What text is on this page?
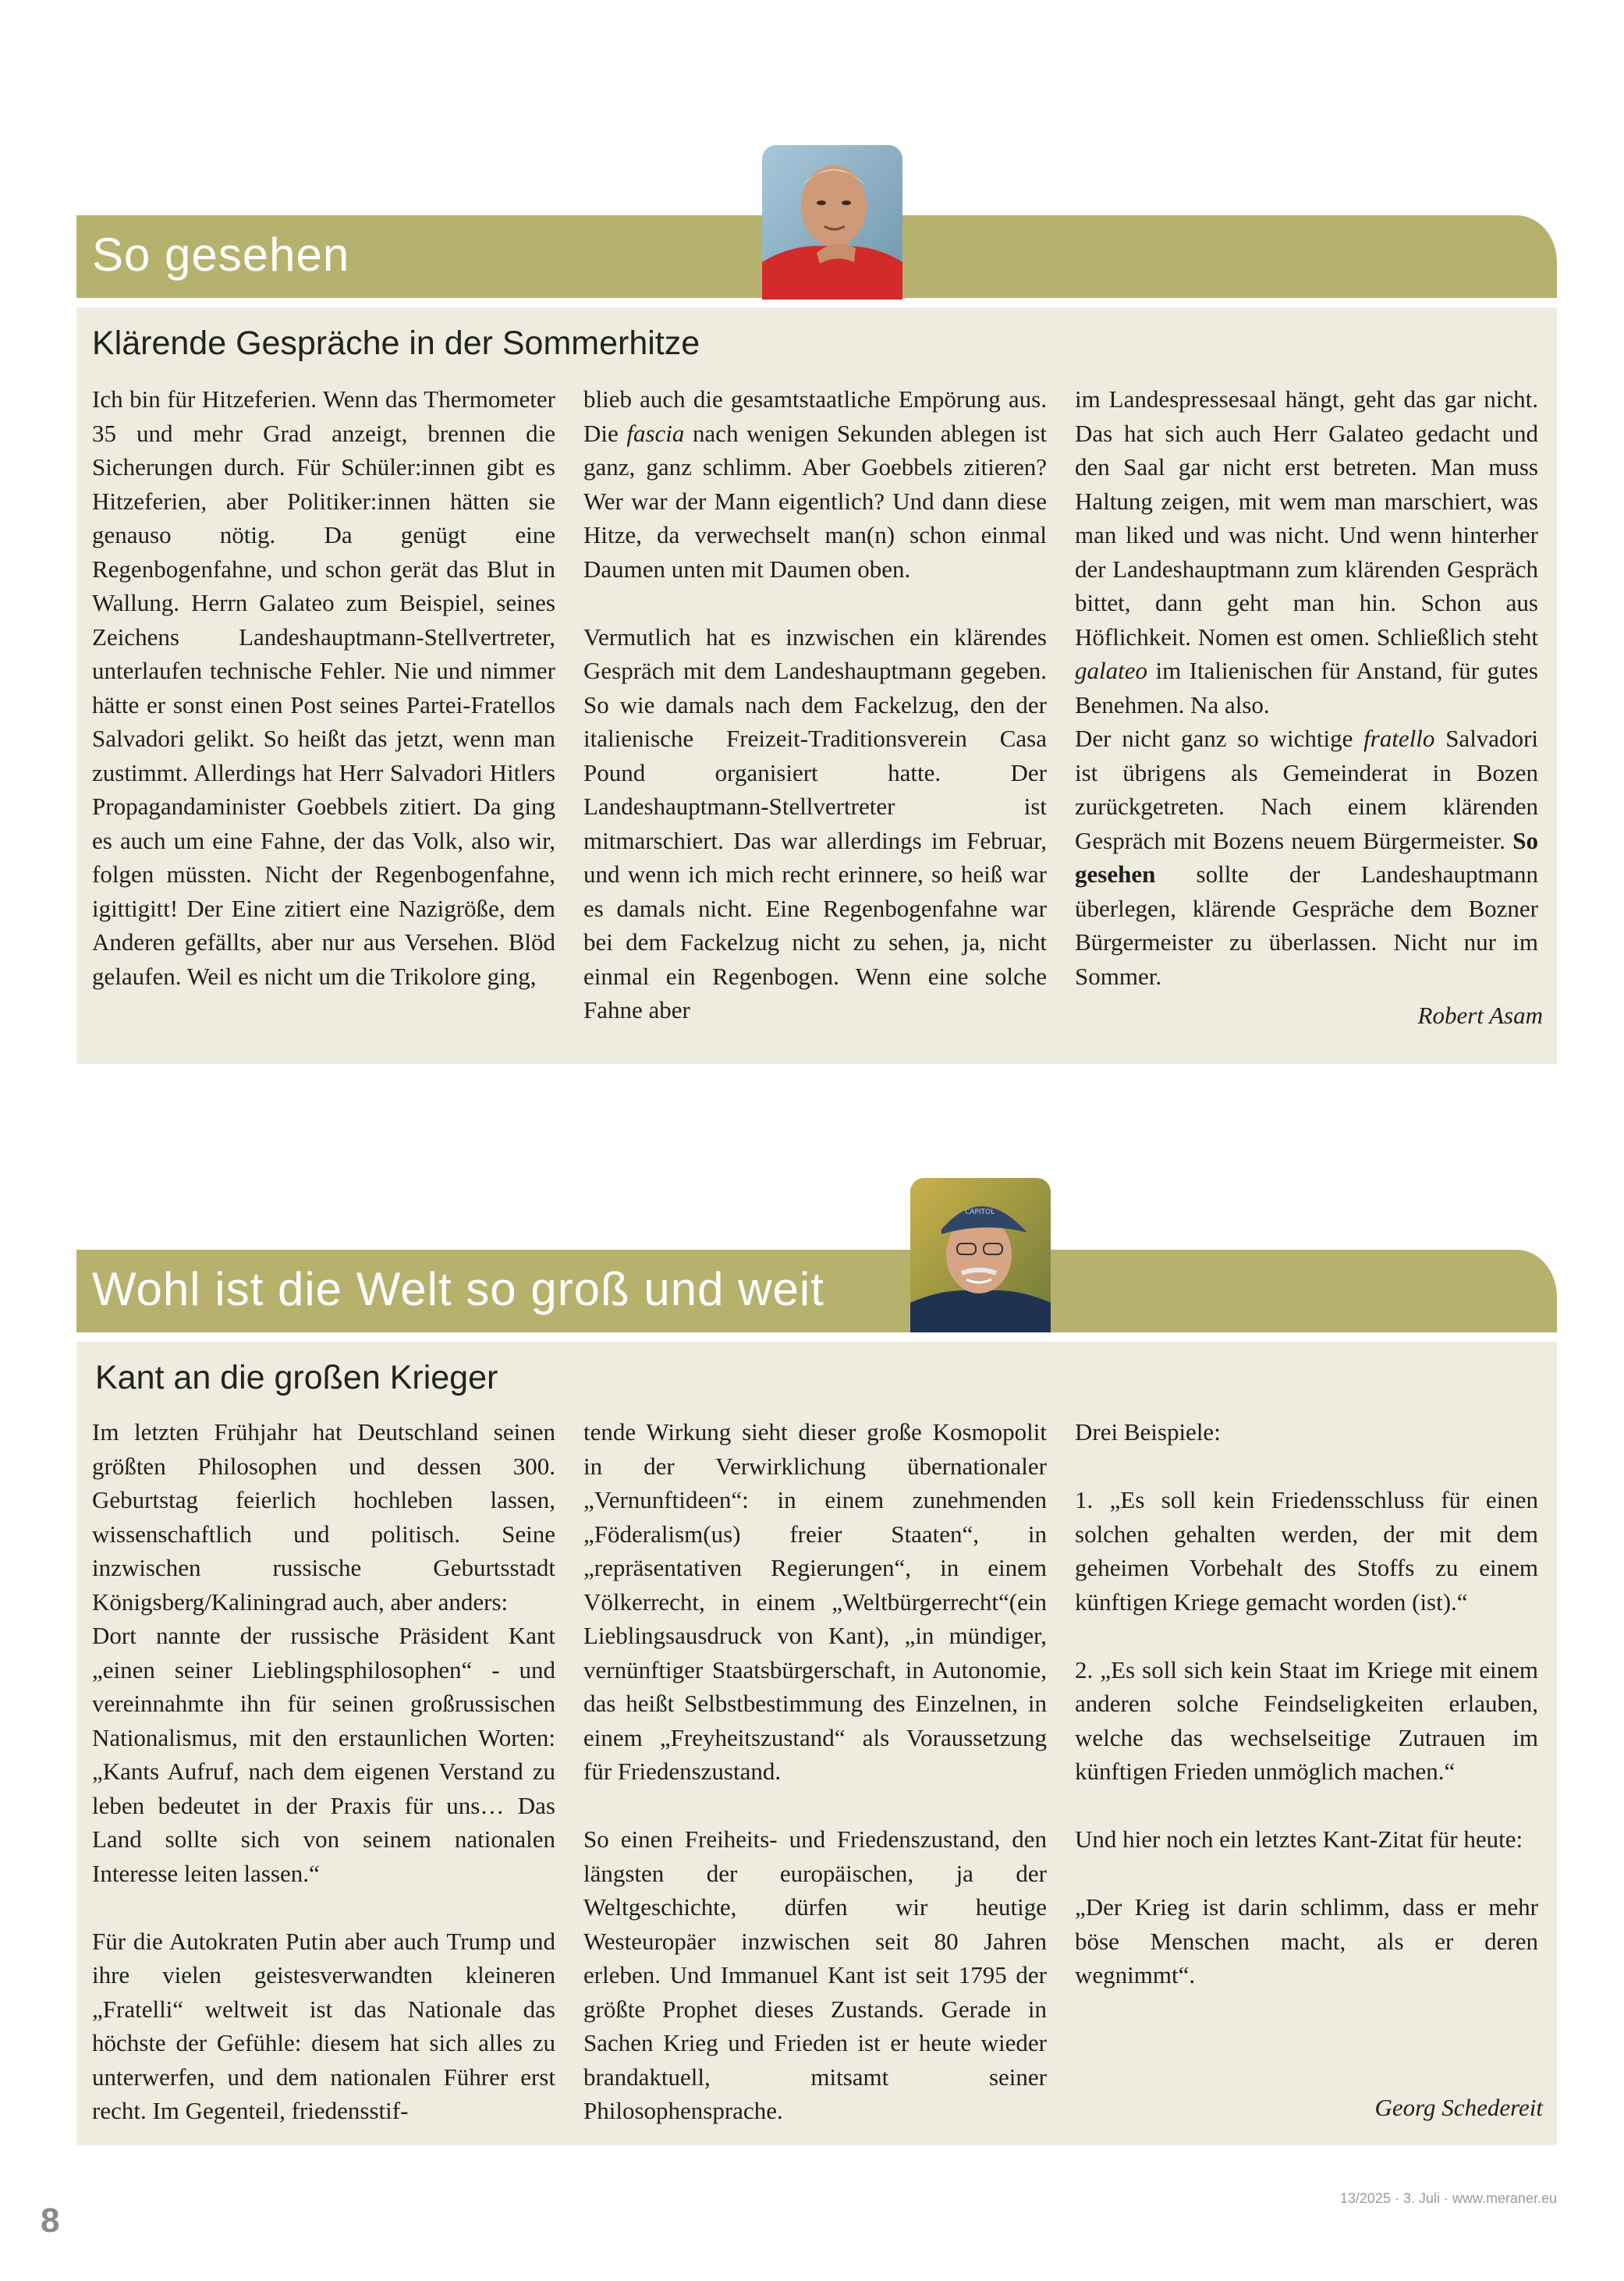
So gesehen
Klärende Gespräche in der Sommerhitze

Ich bin für Hitzeferien. Wenn das Thermometer 35 und mehr Grad anzeigt, brennen die Sicherungen durch. Für Schüler:innen gibt es Hitzeferien, aber Politiker:innen hätten sie genauso nötig. Da genügt eine Regenbogenfahne, und schon gerät das Blut in Wallung. Herrn Galateo zum Beispiel, seines Zeichens Landeshauptmann-Stellvertreter, unterlaufen technische Fehler. Nie und nimmer hätte er sonst einen Post seines Partei-Fratellos Salvadori gelikt. So heißt das jetzt, wenn man zustimmt. Allerdings hat Herr Salvadori Hitlers Propagandaminister Goebbels zitiert. Da ging es auch um eine Fahne, der das Volk, also wir, folgen müssten. Nicht der Regenbogenfahne, igittigitt! Der Eine zitiert eine Nazigröße, dem Anderen gefällts, aber nur aus Versehen. Blöd gelaufen. Weil es nicht um die Trikolore ging,

blieb auch die gesamtstaatliche Empörung aus. Die fascia nach wenigen Sekunden ablegen ist ganz, ganz schlimm. Aber Goebbels zitieren? Wer war der Mann eigentlich? Und dann diese Hitze, da verwechselt man(n) schon einmal Daumen unten mit Daumen oben.

Vermutlich hat es inzwischen ein klärendes Gespräch mit dem Landeshauptmann gegeben. So wie damals nach dem Fackelzug, den der italienische Freizeit-Traditionsverein Casa Pound organisiert hatte. Der Landeshauptmann-Stellvertreter ist mitmarschiert. Das war allerdings im Februar, und wenn ich mich recht erinnere, so heiß war es damals nicht. Eine Regenbogenfahne war bei dem Fackelzug nicht zu sehen, ja, nicht einmal ein Regenbogen. Wenn eine solche Fahne aber

im Landespressesaal hängt, geht das gar nicht. Das hat sich auch Herr Galateo gedacht und den Saal gar nicht erst betreten. Man muss Haltung zeigen, mit wem man marschiert, was man liked und was nicht. Und wenn hinterher der Landeshauptmann zum klärenden Gespräch bittet, dann geht man hin. Schon aus Höflichkeit. Nomen est omen. Schließlich steht galateo im Italienischen für Anstand, für gutes Benehmen. Na also.

Der nicht ganz so wichtige fratello Salvadori ist übrigens als Gemeinderat in Bozen zurückgetreten. Nach einem klärenden Gespräch mit Bozens neuem Bürgermeister. So gesehen sollte der Landeshauptmann überlegen, klärende Gespräche dem Bozner Bürgermeister zu überlassen. Nicht nur im Sommer.

Robert Asam
Wohl ist die Welt so groß und weit
CAPITOL
Kant an die großen Krieger

Im letzten Frühjahr hat Deutschland seinen größten Philosophen und dessen 300. Geburtstag feierlich hochleben lassen, wissenschaftlich und politisch. Seine inzwischen russische Geburtsstadt Königsberg/Kaliningrad auch, aber anders:

Dort nannte der russische Präsident Kant „einen seiner Lieblingsphilosophen“ - und vereinnahmte ihn für seinen großrussischen Nationalismus, mit den erstaunlichen Worten: „Kants Aufruf, nach dem eigenen Verstand zu leben bedeutet in der Praxis für uns… Das Land sollte sich von seinem nationalen Interesse leiten lassen.“

Für die Autokraten Putin aber auch Trump und ihre vielen geistesverwandten kleineren „Fratelli“ weltweit ist das Nationale das höchste der Gefühle: diesem hat sich alles zu unterwerfen, und dem nationalen Führer erst recht. Im Gegenteil, friedensstif-

tende Wirkung sieht dieser große Kosmopolit in der Verwirklichung übernationaler „Vernunftideen“: in einem zunehmenden „Föderalism(us) freier Staaten“, in „repräsentativen Regierungen“, in einem Völkerrecht, in einem „Weltbürgerrecht“(ein Lieblingsausdruck von Kant), „in mündiger, vernünftiger Staatsbürgerschaft, in Autonomie, das heißt Selbstbestimmung des Einzelnen, in einem „Freyheitszustand“ als Voraussetzung für Friedenszustand.

So einen Freiheits- und Friedenszustand, den längsten der europäischen, ja der Weltgeschichte, dürfen wir heutige Westeuropäer inzwischen seit 80 Jahren erleben. Und Immanuel Kant ist seit 1795 der größte Prophet dieses Zustands. Gerade in Sachen Krieg und Frieden ist er heute wieder brandaktuell, mitsamt seiner Philosophensprache.

Drei Beispiele:

1. „Es soll kein Friedensschluss für einen solchen gehalten werden, der mit dem geheimen Vorbehalt des Stoffs zu einem künftigen Kriege gemacht worden (ist).“

2. „Es soll sich kein Staat im Kriege mit einem anderen solche Feindseligkeiten erlauben, welche das wechselseitige Zutrauen im künftigen Frieden unmöglich machen.“

Und hier noch ein letztes Kant-Zitat für heute:

„Der Krieg ist darin schlimm, dass er mehr böse Menschen macht, als er deren wegnimmt“.

Georg Schedereit
8
13/2025 · 3. Juli · www.meraner.eu
